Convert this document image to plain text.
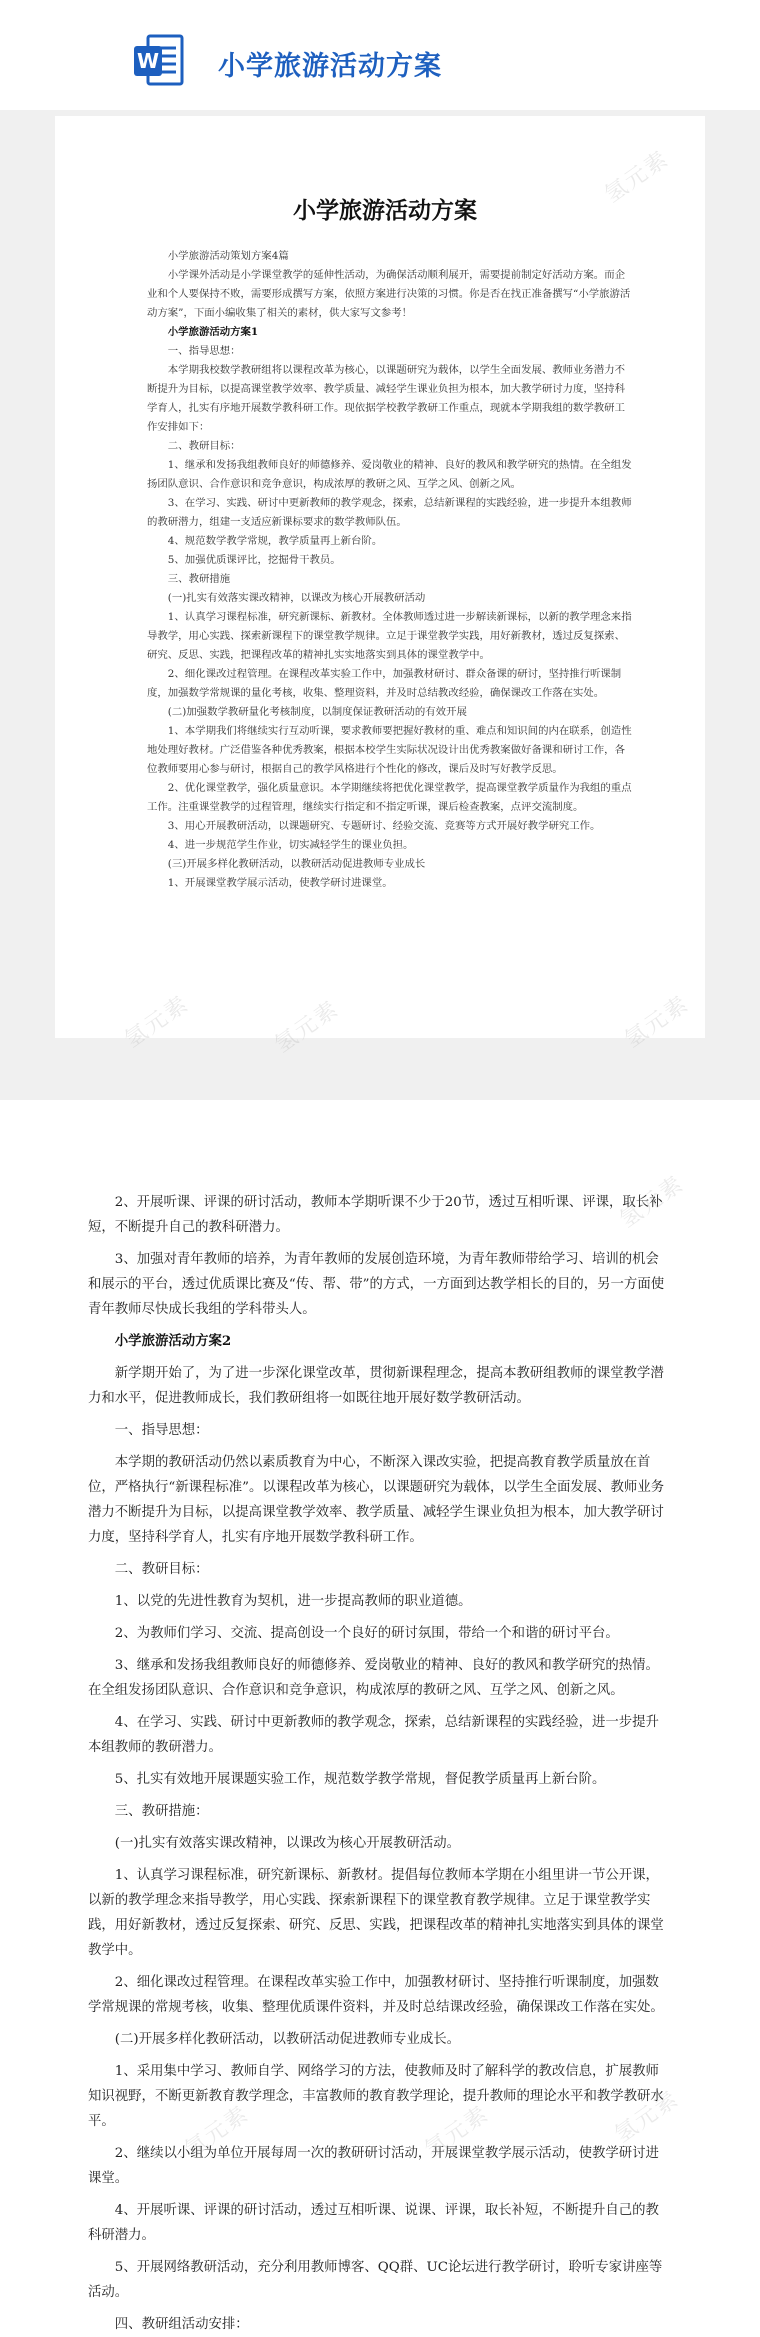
W 小学旅游活动方案
小学旅游活动方案

小学旅游活动策划方案4篇

小学课外活动是小学课堂教学的延伸性活动，为确保活动顺利展开，需要提前制定好活动方案。而企业和个人要保持不败，需要形成撰写方案，依照方案进行决策的习惯。你是否在找正准备撰写“小学旅游活动方案”，下面小编收集了相关的素材，供大家写文参考！

小学旅游活动方案1

一、指导思想：

本学期我校数学教研组将以课程改革为核心，以课题研究为载体，以学生全面发展、教师业务潜力不断提升为目标，以提高课堂教学效率、教学质量、减轻学生课业负担为根本，加大教学研讨力度，坚持科学育人，扎实有序地开展数学教科研工作。现依据学校教学教研工作重点，现就本学期我组的数学教研工作安排如下：

二、教研目标：

1、继承和发扬我组教师良好的师德修养、爱岗敬业的精神、良好的教风和教学研究的热情。在全组发扬团队意识、合作意识和竞争意识，构成浓厚的教研之风、互学之风、创新之风。

3、在学习、实践、研讨中更新教师的教学观念，探索，总结新课程的实践经验，进一步提升本组教师的教研潜力，组建一支适应新课标要求的数学教师队伍。

4、规范数学教学常规，教学质量再上新台阶。

5、加强优质课评比，挖掘骨干教员。

三、教研措施

(一)扎实有效落实课改精神，以课改为核心开展教研活动

1、认真学习课程标准，研究新课标、新教材。全体教师透过进一步解读新课标，以新的教学理念来指导教学，用心实践、探索新课程下的课堂教学规律。立足于课堂教学实践，用好新教材，透过反复探索、研究、反思、实践，把课程改革的精神扎实实地落实到具体的课堂教学中。

2、细化课改过程管理。在课程改革实验工作中，加强教材研讨、群众备课的研讨，坚持推行听课制度，加强数学常规课的量化考核，收集、整理资料，并及时总结教改经验，确保课改工作落在实处。

(二)加强数学教研量化考核制度，以制度保证教研活动的有效开展

1、本学期我们将继续实行互动听课，要求教师要把握好教材的重、难点和知识间的内在联系，创造性地处理好教材。广泛借鉴各种优秀教案，根据本校学生实际状况设计出优秀教案做好备课和研讨工作，各位教师要用心参与研讨，根据自己的教学风格进行个性化的修改，课后及时写好教学反思。

2、优化课堂教学，强化质量意识。本学期继续将把优化课堂教学，提高课堂教学质量作为我组的重点工作。注重课堂教学的过程管理，继续实行指定和不指定听课，课后检查教案，点评交流制度。

3、用心开展教研活动，以课题研究、专题研讨、经验交流、竞赛等方式开展好教学研究工作。

4、进一步规范学生作业，切实减轻学生的课业负担。

(三)开展多样化教研活动，以教研活动促进教师专业成长

1、开展课堂教学展示活动，使教学研讨进课堂。

2、开展听课、评课的研讨活动，教师本学期听课不少于20节，透过互相听课、评课，取长补短，不断提升自己的教科研潜力。

3、加强对青年教师的培养，为青年教师的发展创造环境，为青年教师带给学习、培训的机会和展示的平台，透过优质课比赛及“传、帮、带”的方式，一方面到达教学相长的目的，另一方面使青年教师尽快成长我组的学科带头人。

小学旅游活动方案2

新学期开始了，为了进一步深化课堂改革，贯彻新课程理念，提高本教研组教师的课堂教学潜力和水平，促进教师成长，我们教研组将一如既往地开展好数学教研活动。

一、指导思想：

本学期的教研活动仍然以素质教育为中心，不断深入课改实验，把提高教育教学质量放在首位，严格执行“新课程标准”。以课程改革为核心，以课题研究为载体，以学生全面发展、教师业务潜力不断提升为目标，以提高课堂教学效率、教学质量、减轻学生课业负担为根本，加大教学研讨力度，坚持科学育人，扎实有序地开展数学教科研工作。

二、教研目标：

1、以党的先进性教育为契机，进一步提高教师的职业道德。

2、为教师们学习、交流、提高创设一个良好的研讨氛围，带给一个和谐的研讨平台。

3、继承和发扬我组教师良好的师德修养、爱岗敬业的精神、良好的教风和教学研究的热情。在全组发扬团队意识、合作意识和竞争意识，构成浓厚的教研之风、互学之风、创新之风。

4、在学习、实践、研讨中更新教师的教学观念，探索，总结新课程的实践经验，进一步提升本组教师的教研潜力。

5、扎实有效地开展课题实验工作，规范数学教学常规，督促教学质量再上新台阶。

三、教研措施：

(一)扎实有效落实课改精神，以课改为核心开展教研活动。

1、认真学习课程标准，研究新课标、新教材。提倡每位教师本学期在小组里讲一节公开课，以新的教学理念来指导教学，用心实践、探索新课程下的课堂教育教学规律。立足于课堂教学实践，用好新教材，透过反复探索、研究、反思、实践，把课程改革的精神扎实地落实到具体的课堂教学中。

2、细化课改过程管理。在课程改革实验工作中，加强教材研讨、坚持推行听课制度，加强数学常规课的常规考核，收集、整理优质课件资料，并及时总结课改经验，确保课改工作落在实处。

(二)开展多样化教研活动，以教研活动促进教师专业成长。

1、采用集中学习、教师自学、网络学习的方法，使教师及时了解科学的教改信息，扩展教师知识视野，不断更新教育教学理念，丰富教师的教育教学理论，提升教师的理论水平和教学教研水平。

2、继续以小组为单位开展每周一次的教研研讨活动，开展课堂教学展示活动，使教学研讨进课堂。

4、开展听课、评课的研讨活动，透过互相听课、说课、评课，取长补短，不断提升自己的教科研潜力。

5、开展网络教研活动，充分利用教师博客、QQ群、UC论坛进行教学研讨，聆听专家讲座等活动。

四、教研组活动安排：

氢元素
氢元素	氢元素
氢元素
氢元素
氢元素	氢元素	氢元素
